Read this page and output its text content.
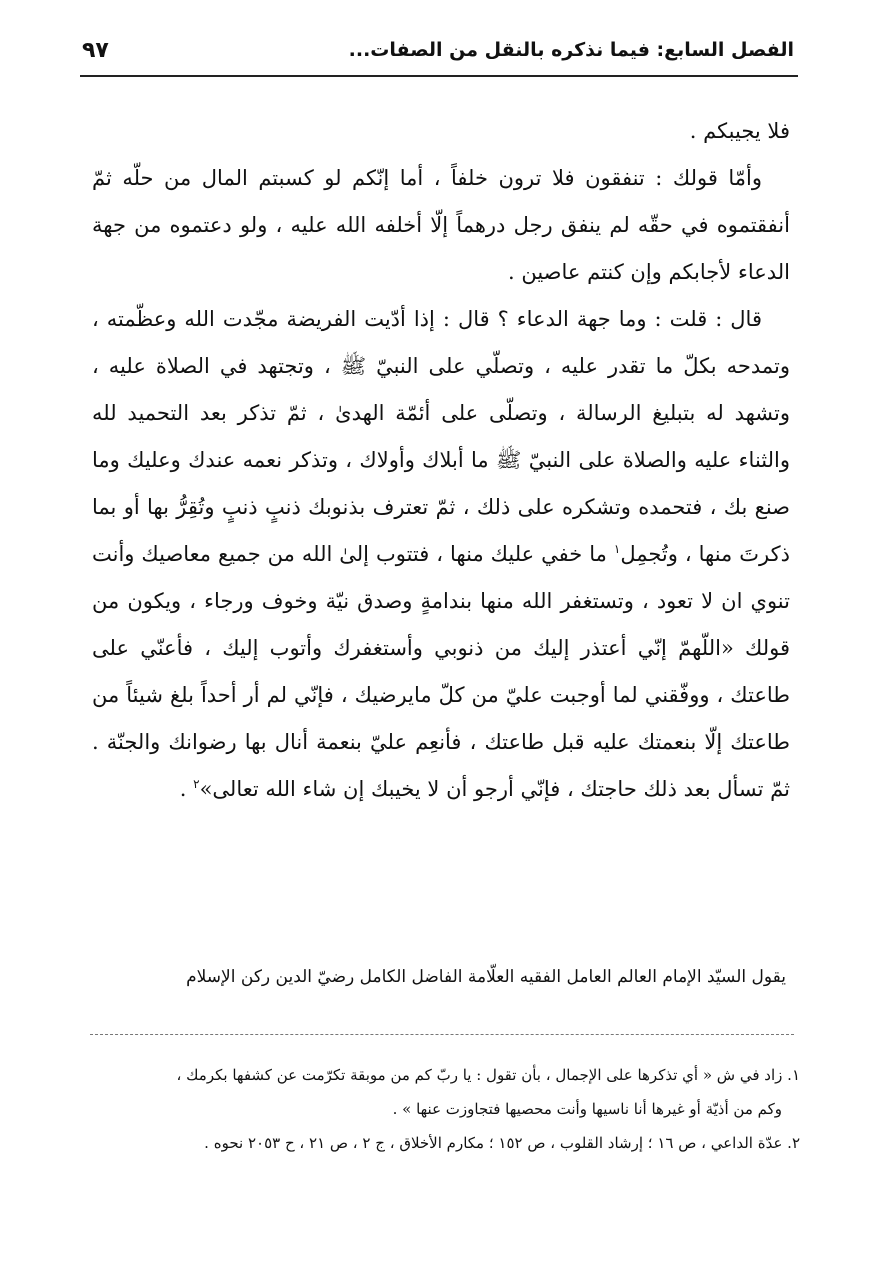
الفصل السابع: فيما نذكره بالنقل من الصفات...
٩٧

فلا يجيبكم .

وأمّا قولك : تنفقون فلا ترون خلفاً ، أما إنّكم لو كسبتم المال من حلّه ثمّ أنفقتموه في حقّه لم ينفق رجل درهماً إلّا أخلفه الله عليه ، ولو دعتموه من جهة الدعاء لأجابكم وإن كنتم عاصين .

قال : قلت : وما جهة الدعاء ؟ قال : إذا أدّيت الفريضة مجّدت الله وعظّمته ، وتمدحه بكلّ ما تقدر عليه ، وتصلّي على النبيّ ﷺ ، وتجتهد في الصلاة عليه ، وتشهد له بتبليغ الرسالة ، وتصلّى على أئمّة الهدىٰ ، ثمّ تذكر بعد التحميد لله والثناء عليه والصلاة على النبيّ ﷺ ما أبلاك وأولاك ، وتذكر نعمه عندك وعليك وما صنع بك ، فتحمده وتشكره على ذلك ، ثمّ تعترف بذنوبك ذنبٍ ذنبٍ وتُقِرُّ بها أو بما ذكرتَ منها ، وتُجمِل$^١$ ما خفي عليك منها ، فتتوب إلىٰ الله من جميع معاصيك وأنت تنوي ان لا تعود ، وتستغفر الله منها بندامةٍ وصدق نيّة وخوف ورجاء ، ويكون من قولك «اللّهمّ إنّي أعتذر إليك من ذنوبي وأستغفرك وأتوب إليك ، فأعنّي على طاعتك ، ووفّقني لما أوجبت عليّ من كلّ مايرضيك ، فإنّي لم أر أحداً بلغ شيئاً من طاعتك إلّا بنعمتك عليه قبل طاعتك ، فأنعِم عليّ بنعمة أنال بها رضوانك والجنّة . ثمّ تسأل بعد ذلك حاجتك ، فإنّي أرجو أن لا يخيبك إن شاء الله تعالى»$^٢$ .

يقول السيّد الإمام العالم العامل الفقيه العلّامة الفاضل الكامل رضيّ الدين ركن الإسلام

١. زاد في ش « أي تذكرها على الإجمال ، بأن تقول : يا ربّ كم من موبقة تكرّمت عن كشفها بكرمك ،

وكم من أذيّة أو غيرها أنا ناسيها وأنت محصيها فتجاوزت عنها » .

٢. عدّة الداعي ، ص ١٦ ؛ إرشاد القلوب ، ص ١٥٢ ؛ مكارم الأخلاق ، ج ٢ ، ص ٢١ ، ح ٢٠٥٣ نحوه .
